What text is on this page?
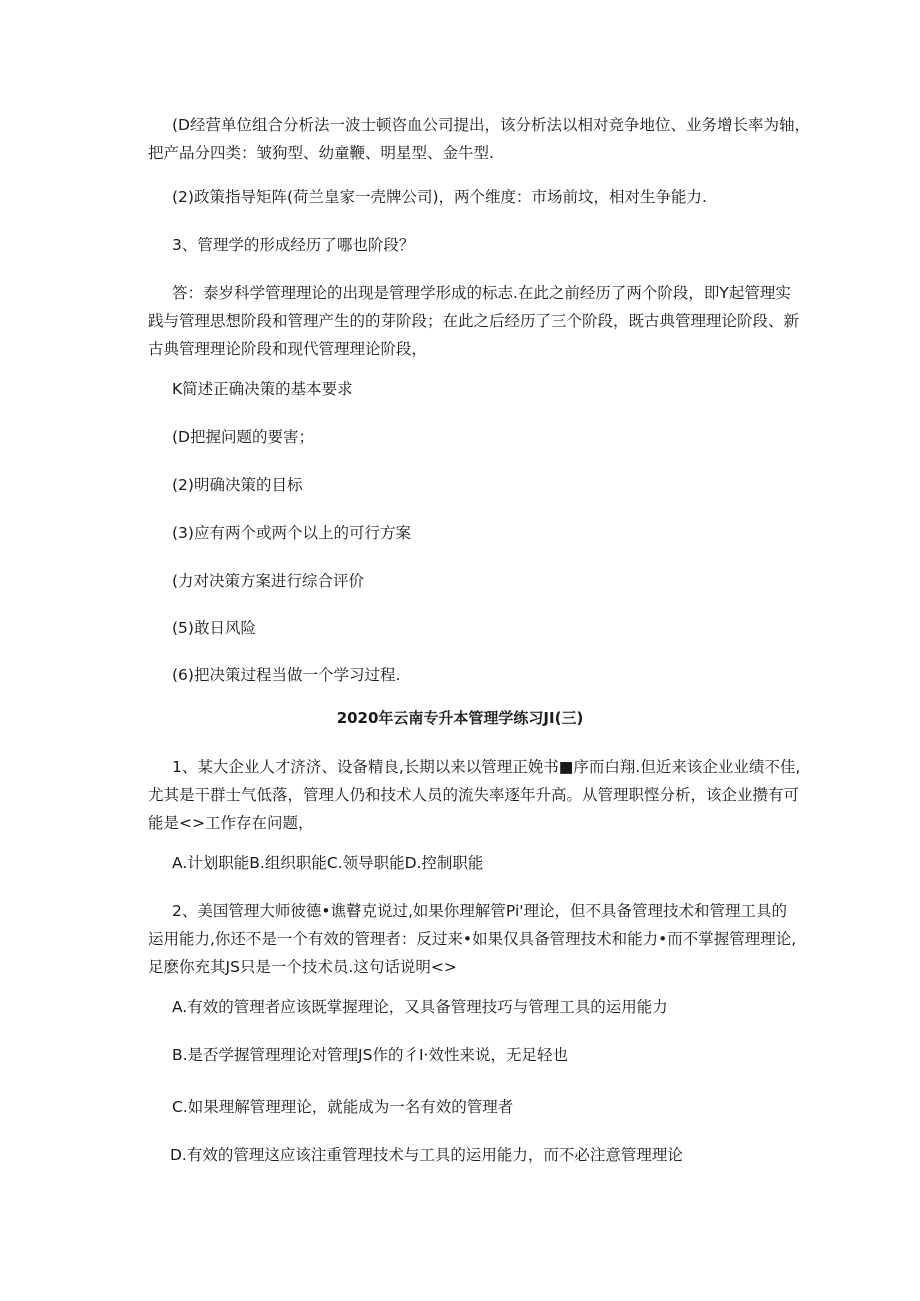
(D经营单位组合分析法一波士顿咨血公司提出，该分析法以相对竞争地位、业务增长率为轴，
把产品分四类：皱狗型、幼童鞭、明星型、金牛型.

(2)政策指导矩阵(荷兰皇家一壳牌公司)，两个维度：市场前坟，相对生争能力.

3、管理学的形成经历了哪也阶段？

答：泰岁科学管理理论的出现是管理学形成的标志.在此之前经历了两个阶段，即Y起管理实
践与管理思想阶段和管理产生的的芽阶段；在此之后经历了三个阶段，既古典管理理论阶段、新
古典管理理论阶段和现代管理理论阶段，

K简述正确决策的基本要求

(D把握问题的要害；

(2)明确决策的目标

(3)应有两个或两个以上的可行方案

(力对决策方案进行综合评价

(5)敢日风险

(6)把决策过程当做一个学习过程.

2020年云南专升本管理学练习JI(三)

1、某大企业人才济济、设备精良,长期以来以管理正娩书■序而白翔.但近来该企业业绩不佳,
尤其是干群士气低落，管理人仍和技术人员的流失率逐年升高。从管理职悭分析，该企业攒有可
能是<>工作存在问题，

A.计划职能B.组织职能C.领导职能D.控制职能

2、美国管理大师彼德•谯瞽克说过,如果你理解管Pi'理论，但不具备管理技术和管理工具的
运用能力,你还不是一个有效的管理者：反过来•如果仅具备管理技术和能力•而不掌握管理理论,
足麽你充其JS只是一个技术员.这句话说明<>

A.有效的管理者应该既掌握理论，又具备管理技巧与管理工具的运用能力

B.是否学握管理理论对管理JS作的彳I·效性来说，无足轻也

C.如果理解管理理论，就能成为一名有效的管理者

D.有效的管理这应该注重管理技术与工具的运用能力，而不必注意管理理论
